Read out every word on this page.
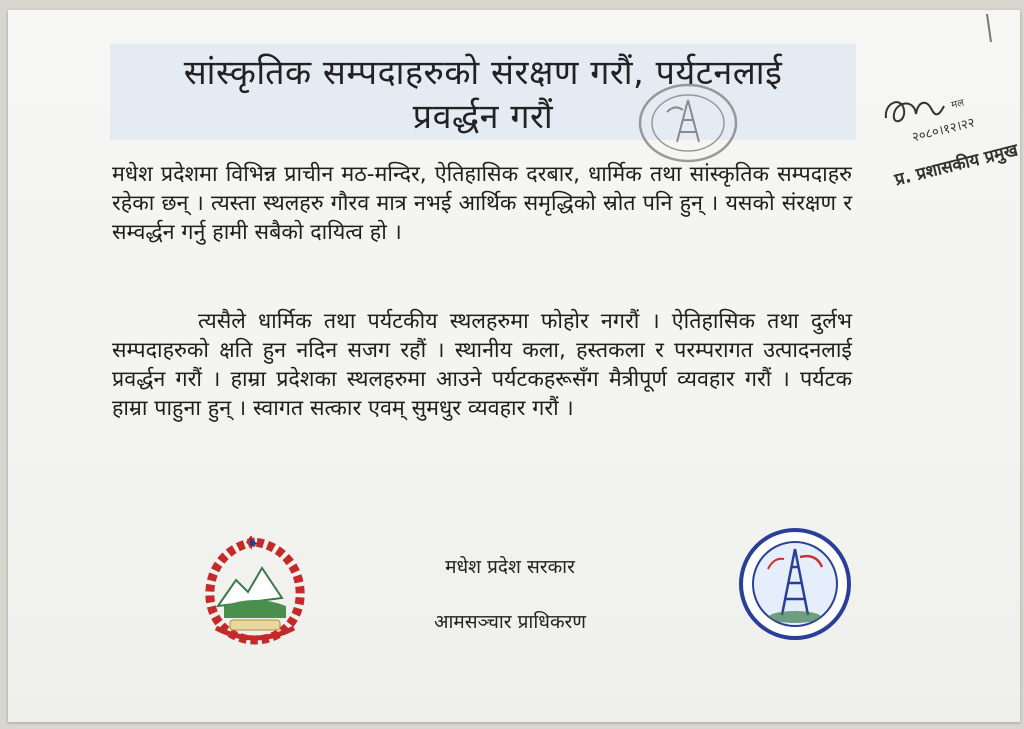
सांस्कृतिक सम्पदाहरुको संरक्षण गरौं, पर्यटनलाई
प्रवर्द्धन गरौं

मधेश प्रदेशमा विभिन्न प्राचीन मठ-मन्दिर, ऐतिहासिक दरबार, धार्मिक तथा सांस्कृतिक सम्पदाहरु रहेका छन् । त्यस्ता स्थलहरु गौरव मात्र नभई आर्थिक समृद्धिको स्रोत पनि हुन् । यसको संरक्षण र सम्वर्द्धन गर्नु हामी सबैको दायित्व हो ।

त्यसैले धार्मिक तथा पर्यटकीय स्थलहरुमा फोहोर नगरौं । ऐतिहासिक तथा दुर्लभ सम्पदाहरुको क्षति हुन नदिन सजग रहौं । स्थानीय कला, हस्तकला र परम्परागत उत्पादनलाई प्रवर्द्धन गरौं । हाम्रा प्रदेशका स्थलहरुमा आउने पर्यटकहरूसँग मैत्रीपूर्ण व्यवहार गरौं । पर्यटक हाम्रा पाहुना हुन् । स्वागत सत्कार एवम् सुमधुर व्यवहार गरौं ।

मधेश प्रदेश सरकार
आमसञ्चार प्राधिकरण
मल
२०८०।१२।२२
प्र. प्रशासकीय प्रमुख
